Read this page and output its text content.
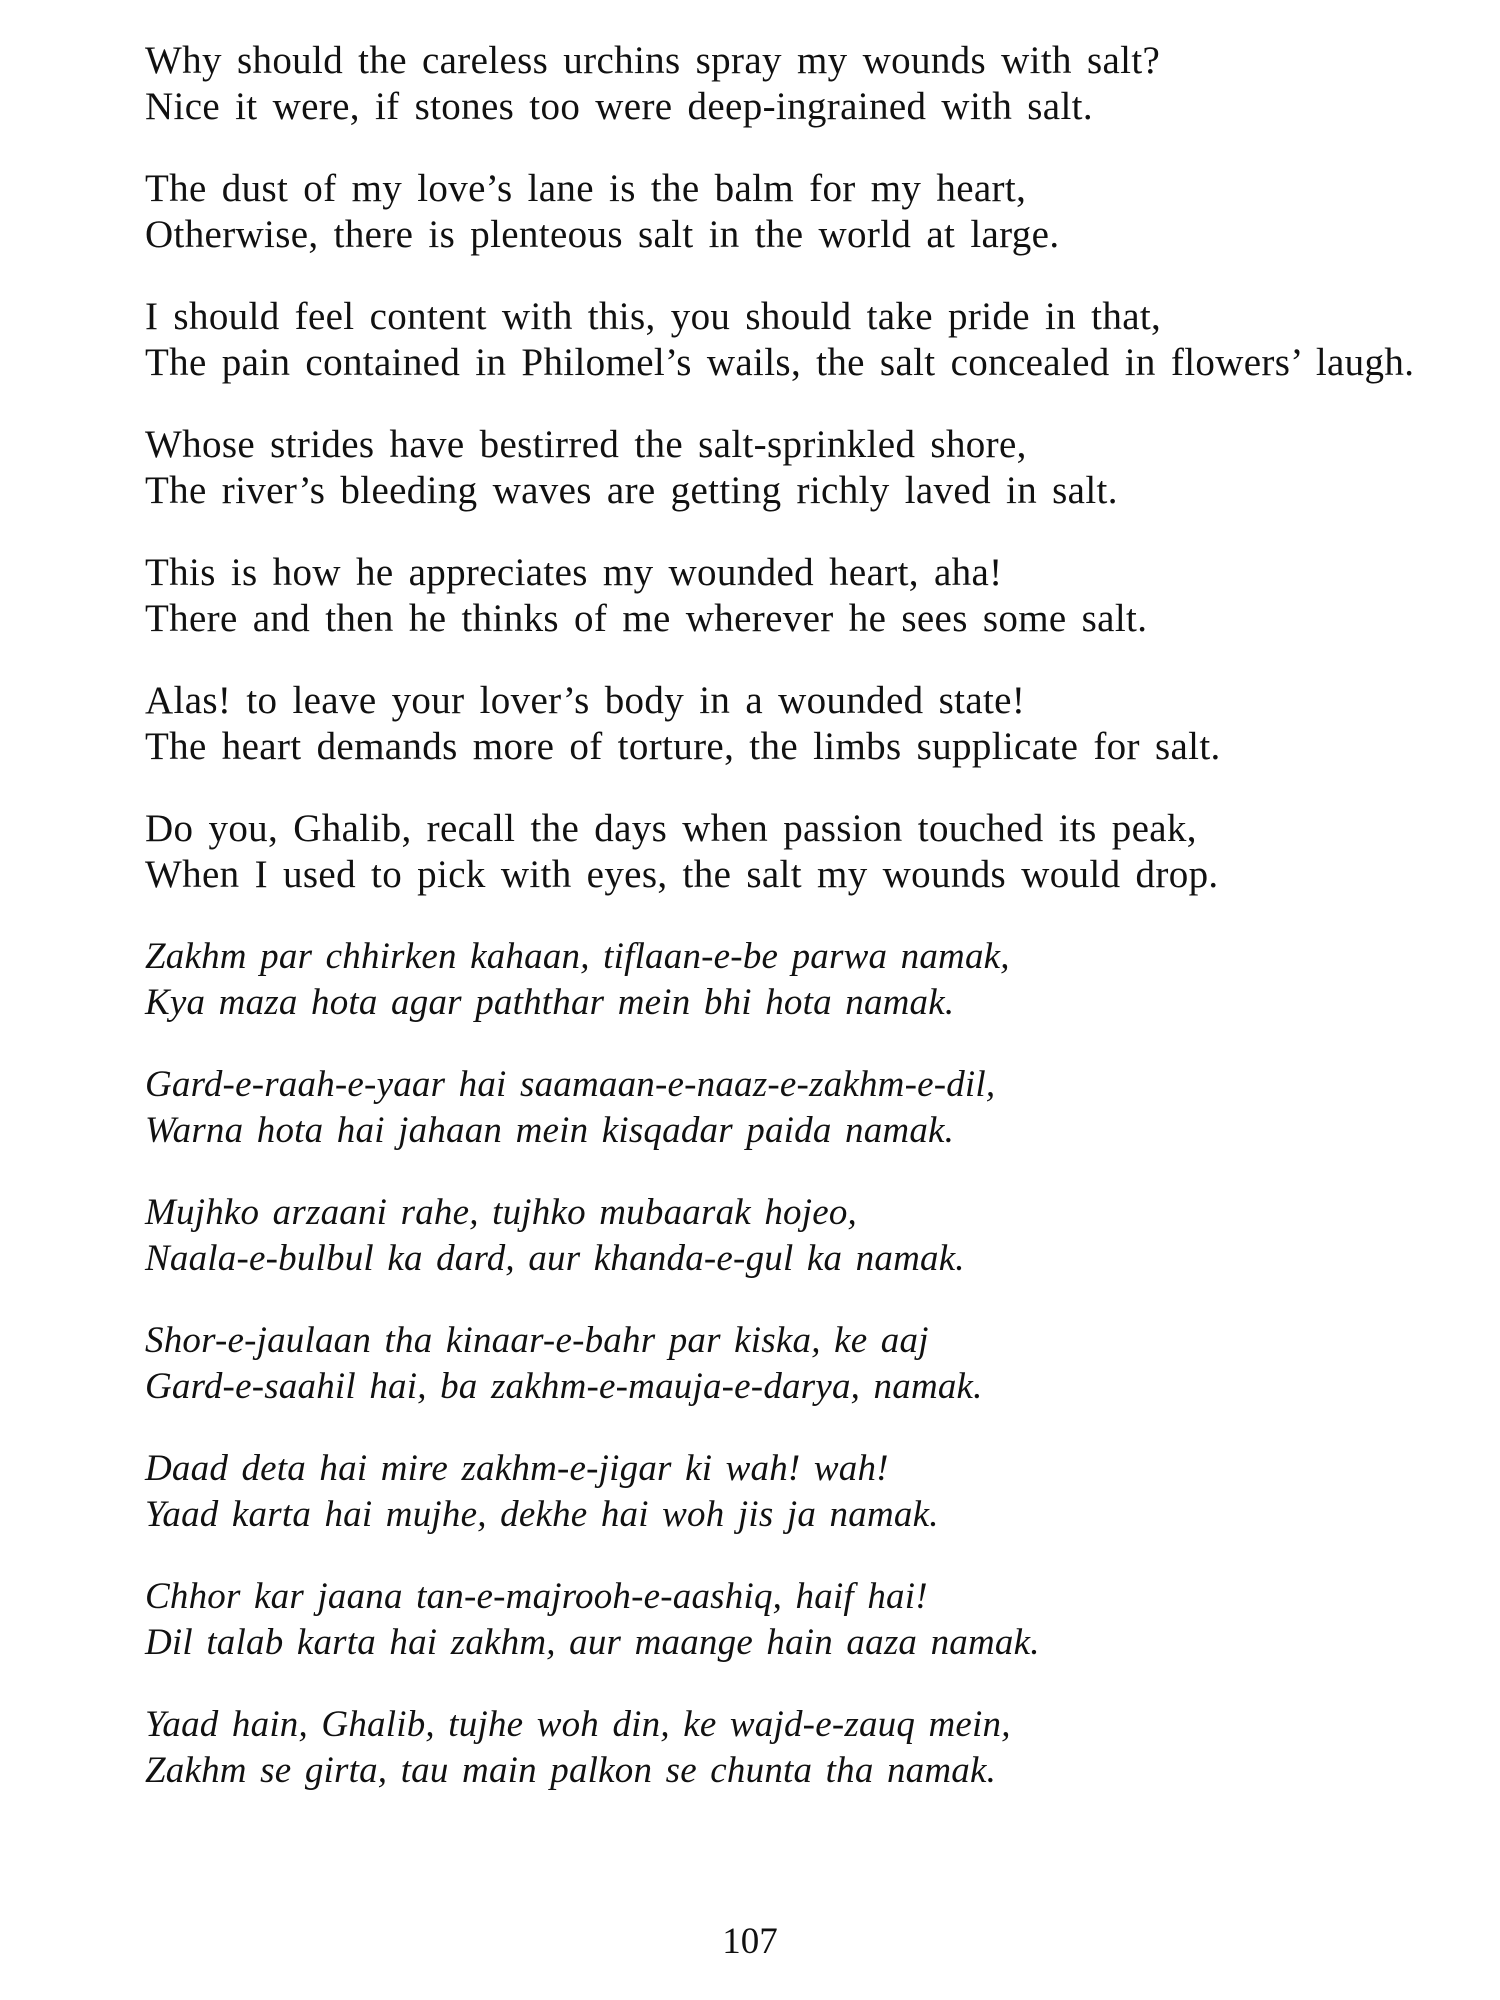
Why should the careless urchins spray my wounds with salt?
Nice it were, if stones too were deep-ingrained with salt.
The dust of my love’s lane is the balm for my heart,
Otherwise, there is plenteous salt in the world at large.
I should feel content with this, you should take pride in that,
The pain contained in Philomel’s wails, the salt concealed in flowers’ laugh.
Whose strides have bestirred the salt-sprinkled shore,
The river’s bleeding waves are getting richly laved in salt.
This is how he appreciates my wounded heart, aha!
There and then he thinks of me wherever he sees some salt.
Alas! to leave your lover’s body in a wounded state!
The heart demands more of torture, the limbs supplicate for salt.
Do you, Ghalib, recall the days when passion touched its peak,
When I used to pick with eyes, the salt my wounds would drop.
Zakhm par chhirken kahaan, tiflaan-e-be parwa namak,
Kya maza hota agar paththar mein bhi hota namak.
Gard-e-raah-e-yaar hai saamaan-e-naaz-e-zakhm-e-dil,
Warna hota hai jahaan mein kisqadar paida namak.
Mujhko arzaani rahe, tujhko mubaarak hojeo,
Naala-e-bulbul ka dard, aur khanda-e-gul ka namak.
Shor-e-jaulaan tha kinaar-e-bahr par kiska, ke aaj
Gard-e-saahil hai, ba zakhm-e-mauja-e-darya, namak.
Daad deta hai mire zakhm-e-jigar ki wah! wah!
Yaad karta hai mujhe, dekhe hai woh jis ja namak.
Chhor kar jaana tan-e-majrooh-e-aashiq, haif hai!
Dil talab karta hai zakhm, aur maange hain aaza namak.
Yaad hain, Ghalib, tujhe woh din, ke wajd-e-zauq mein,
Zakhm se girta, tau main palkon se chunta tha namak.
107
